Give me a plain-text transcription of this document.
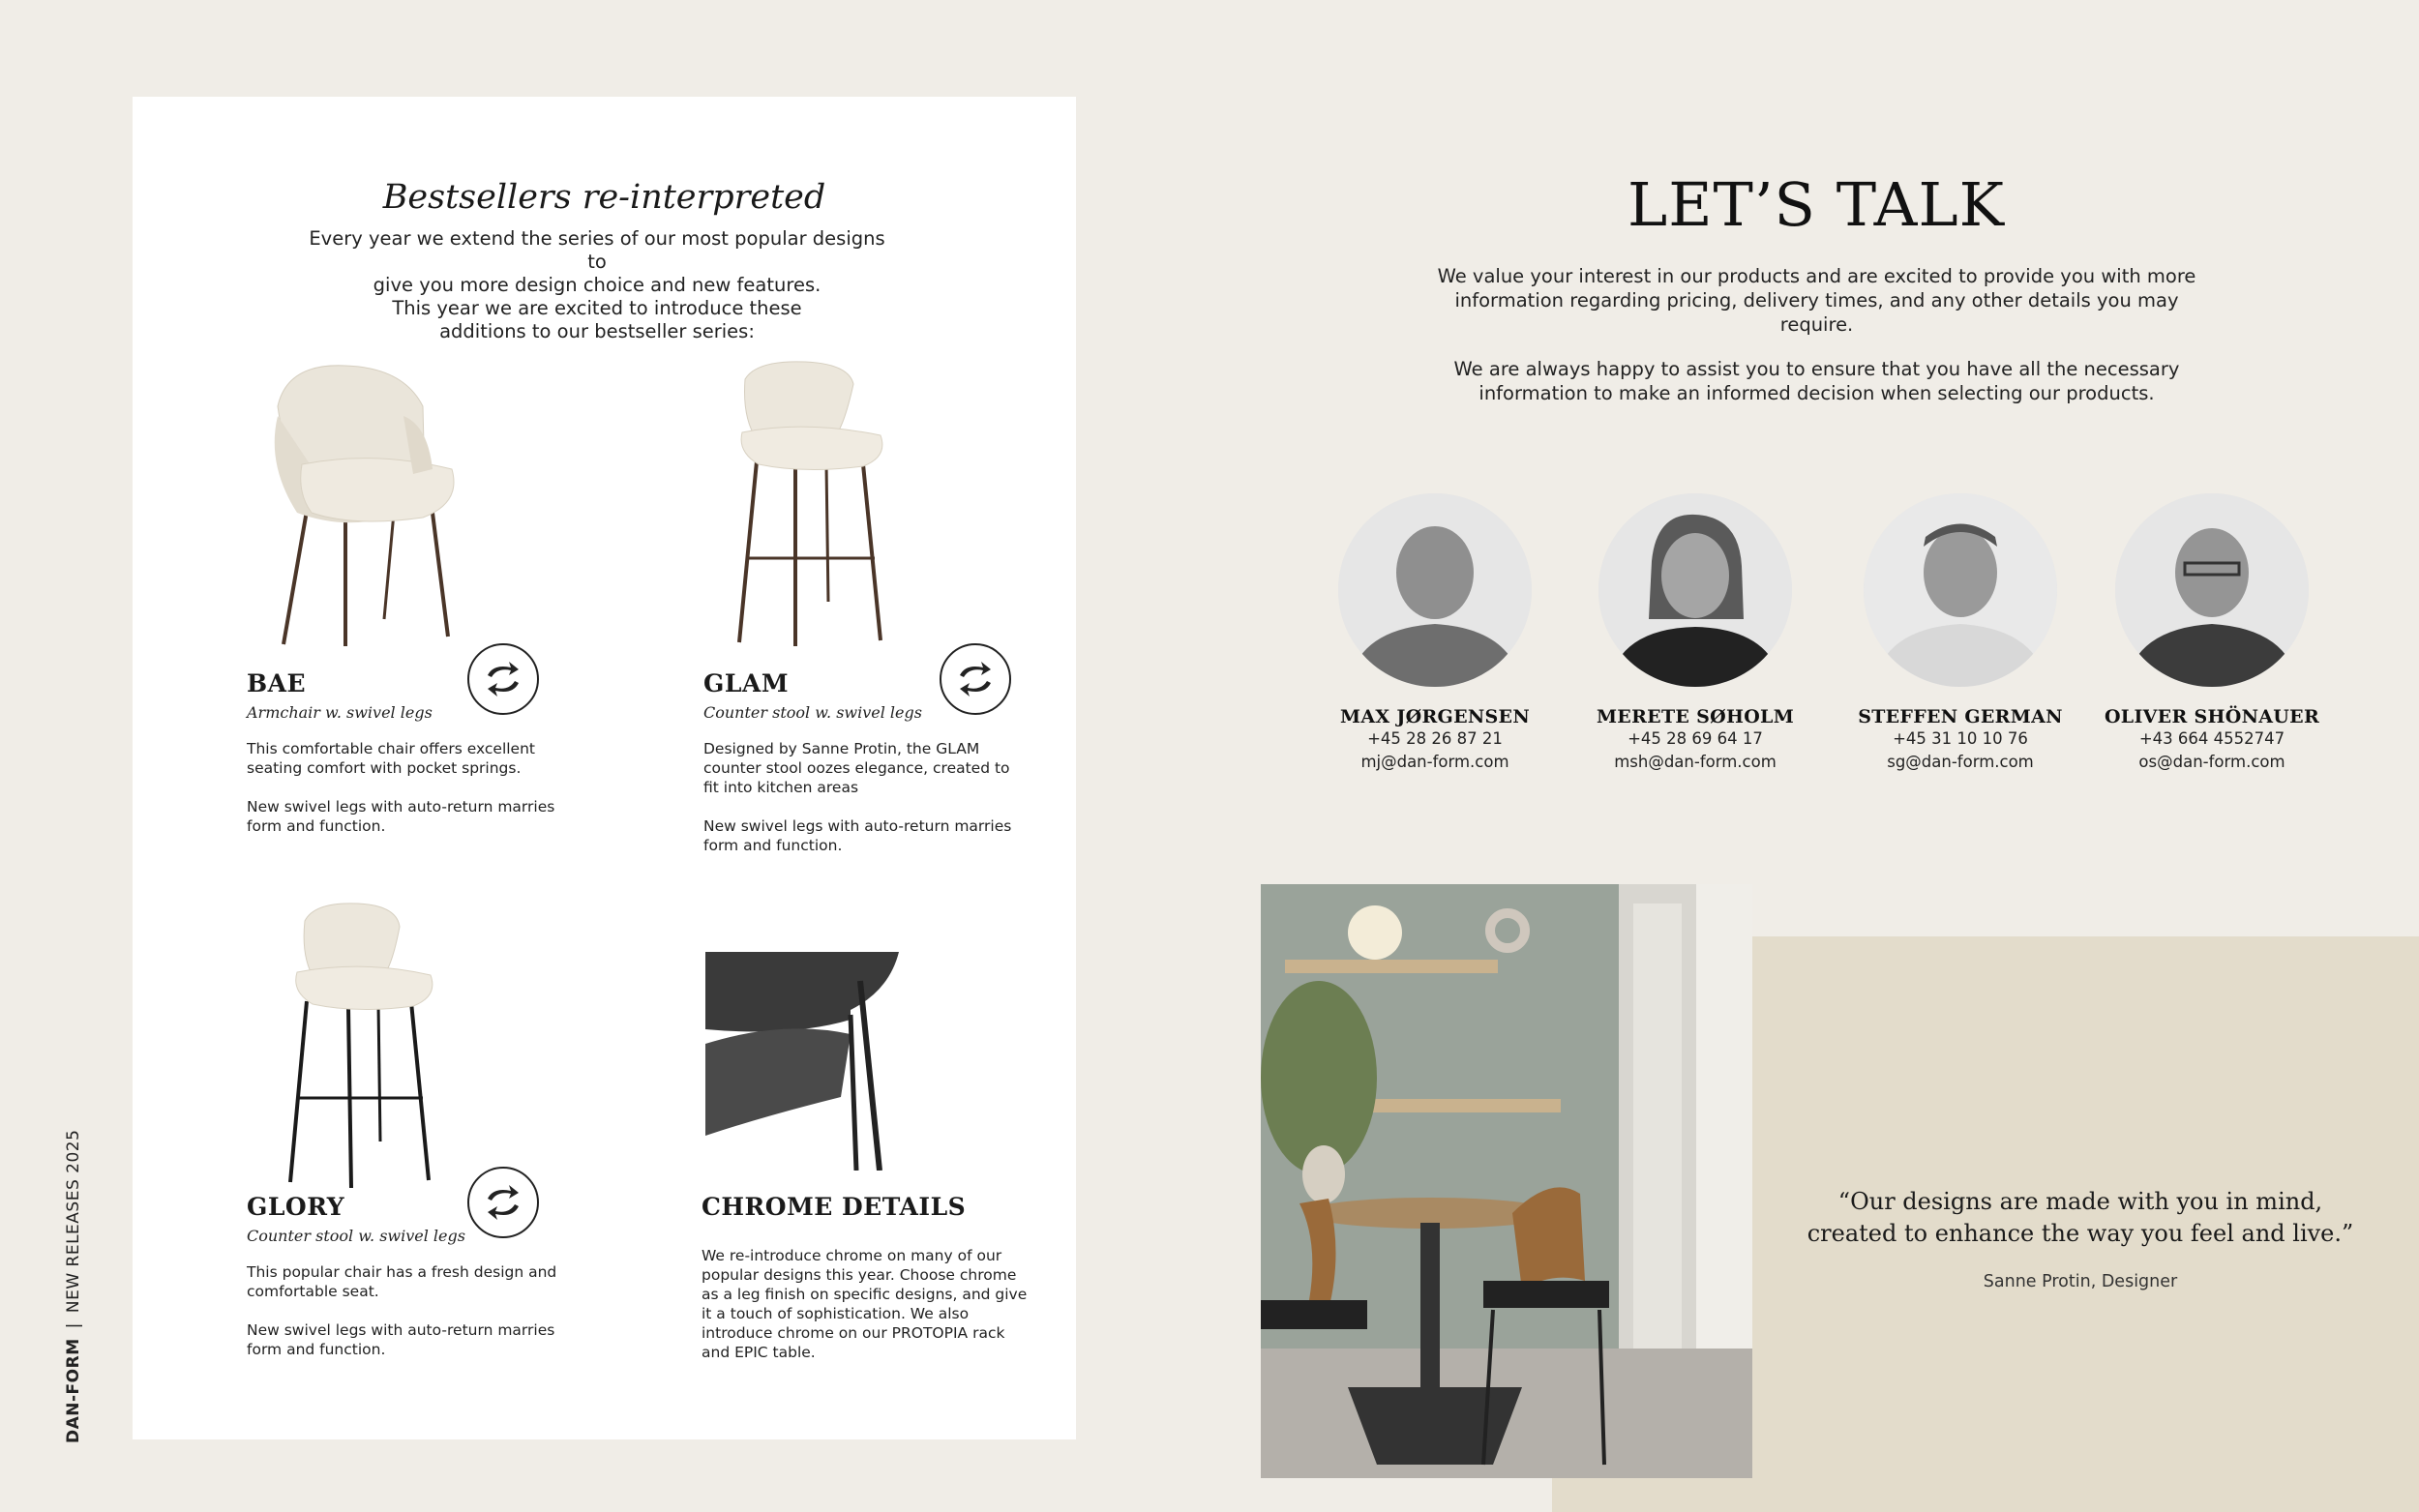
DAN-FORM|NEW RELEASES 2025
Bestsellers re-interpreted

Every year we extend the series of our most popular designs to

give you more design choice and new features.

This year we are excited to introduce these

additions to our bestseller series:

BAE
Armchair w. swivel legs

This comfortable chair offers excellent seating comfort with pocket springs.

New swivel legs with auto-return marries form and function.

GLAM
Counter stool w. swivel legs

Designed by Sanne Protin, the GLAM counter stool oozes elegance, created to fit into kitchen areas

New swivel legs with auto-return marries form and function.

GLORY
Counter stool w. swivel legs

This popular chair has a fresh design and comfortable seat.

New swivel legs with auto-return marries form and function.

CHROME DETAILS

We re-introduce chrome on many of our popular designs this year. Choose chrome as a leg finish on specific designs, and give it a touch of sophistication. We also introduce chrome on our PROTOPIA rack and EPIC table.

LET’S TALK

We value your interest in our products and are excited to provide you with more information regarding pricing, delivery times, and any other details you may require.

We are always happy to assist you to ensure that you have all the necessary information to make an informed decision when selecting our products.

MAX JØRGENSEN
+45 28 26 87 21
mj@dan-form.com
MERETE SØHOLM
+45 28 69 64 17
msh@dan-form.com
STEFFEN GERMAN
+45 31 10 10 76
sg@dan-form.com
OLIVER SHÖNAUER
+43 664 4552747
os@dan-form.com

“Our designs are made with you in mind,
created to enhance the way you feel and live.”

Sanne Protin, Designer
